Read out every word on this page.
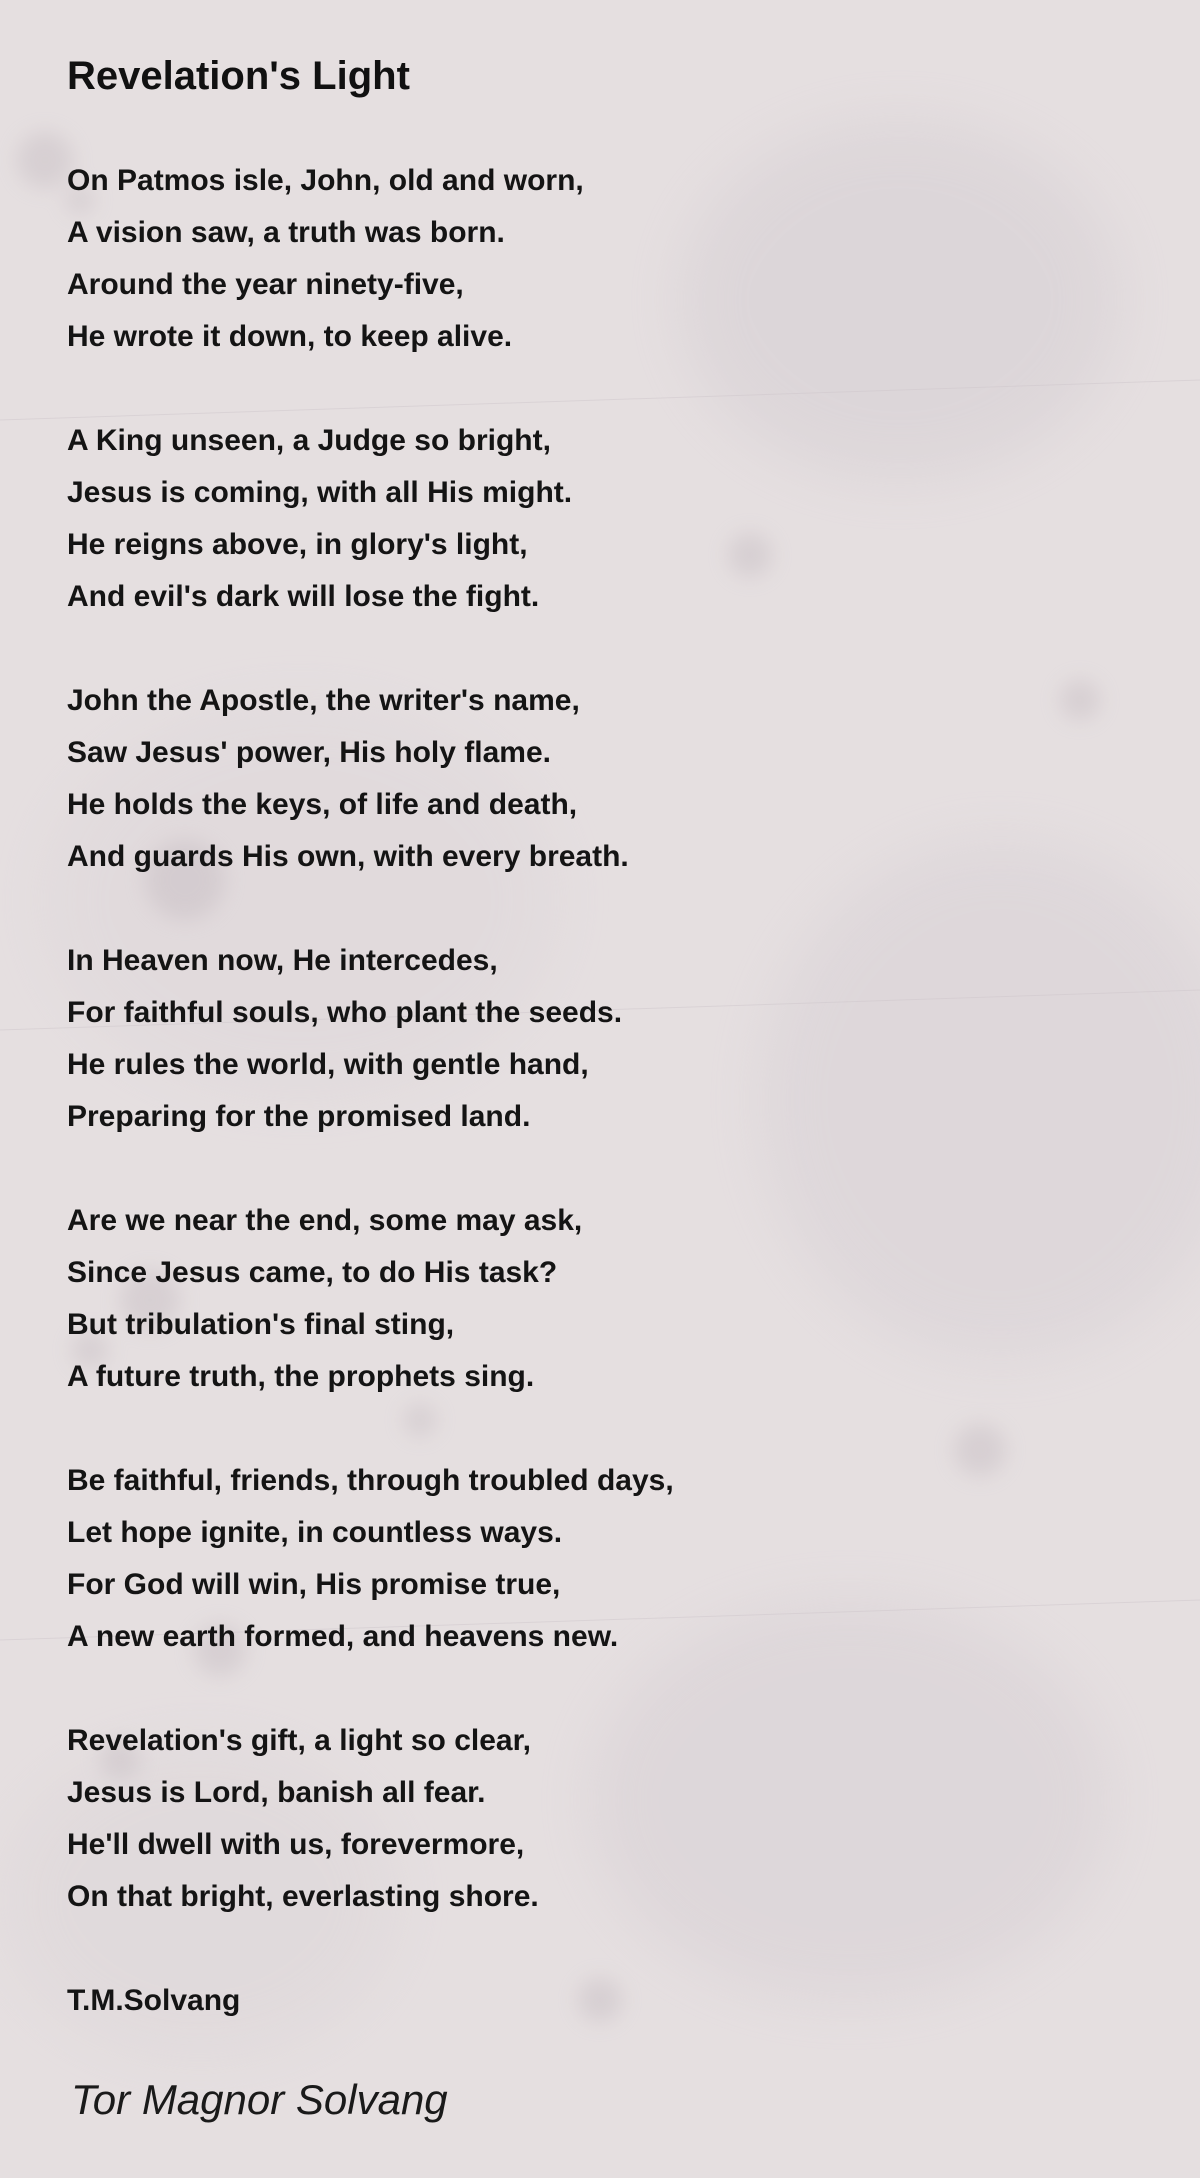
Revelation's Light
On Patmos isle, John, old and worn,
A vision saw, a truth was born.
Around the year ninety-five,
He wrote it down, to keep alive.
A King unseen, a Judge so bright,
Jesus is coming, with all His might.
He reigns above, in glory's light,
And evil's dark will lose the fight.
John the Apostle, the writer's name,
Saw Jesus' power, His holy flame.
He holds the keys, of life and death,
And guards His own, with every breath.
In Heaven now, He intercedes,
For faithful souls, who plant the seeds.
He rules the world, with gentle hand,
Preparing for the promised land.
Are we near the end, some may ask,
Since Jesus came, to do His task?
But tribulation's final sting,
A future truth, the prophets sing.
Be faithful, friends, through troubled days,
Let hope ignite, in countless ways.
For God will win, His promise true,
A new earth formed, and heavens new.
Revelation's gift, a light so clear,
Jesus is Lord, banish all fear.
He'll dwell with us, forevermore,
On that bright, everlasting shore.
T.M.Solvang
Tor Magnor Solvang
